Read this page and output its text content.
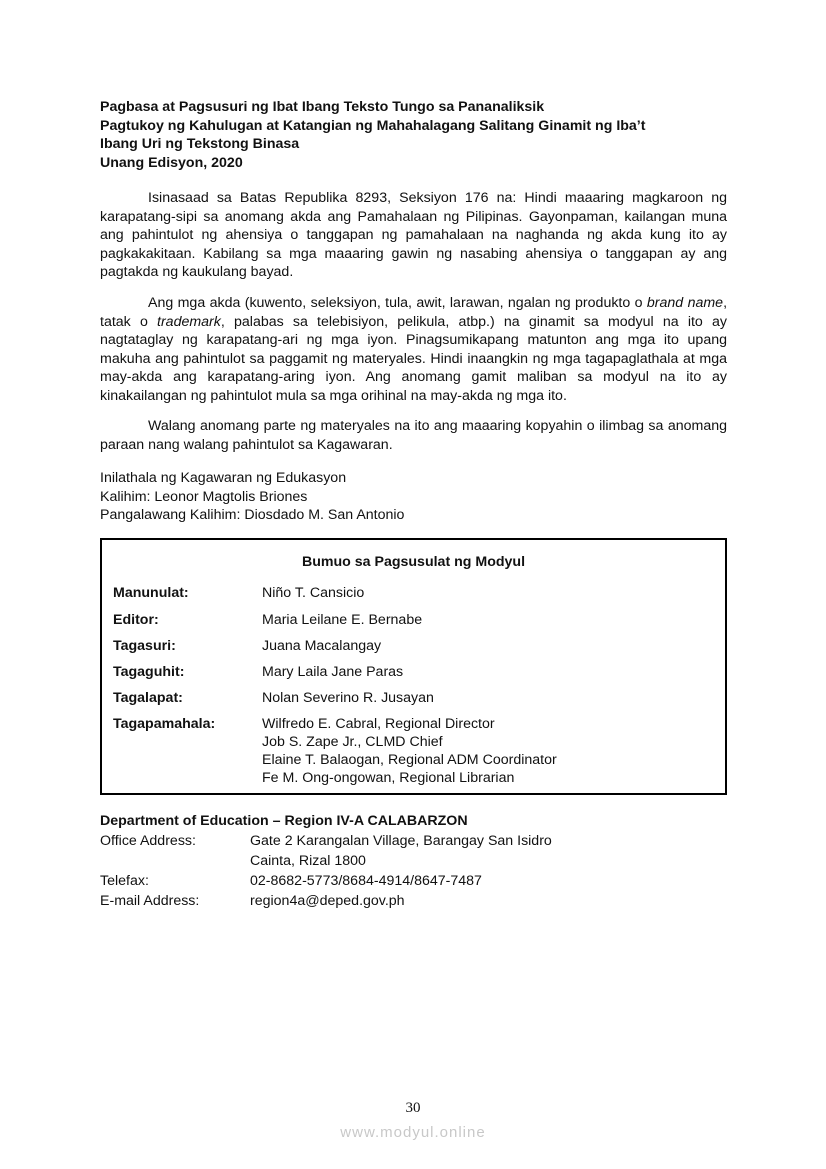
Pagbasa at Pagsusuri ng Ibat Ibang Teksto Tungo sa Pananaliksik
Pagtukoy ng Kahulugan at Katangian ng Mahahalagang Salitang Ginamit ng Iba’t
Ibang Uri ng Tekstong Binasa
Unang Edisyon, 2020

Isinasaad sa Batas Republika 8293, Seksiyon 176 na: Hindi maaaring magkaroon ng karapatang-sipi sa anomang akda ang Pamahalaan ng Pilipinas. Gayonpaman, kailangan muna ang pahintulot ng ahensiya o tanggapan ng pamahalaan na naghanda ng akda kung ito ay pagkakakitaan. Kabilang sa mga maaaring gawin ng nasabing ahensiya o tanggapan ay ang pagtakda ng kaukulang bayad.

Ang mga akda (kuwento, seleksiyon, tula, awit, larawan, ngalan ng produkto o brand name, tatak o trademark, palabas sa telebisiyon, pelikula, atbp.) na ginamit sa modyul na ito ay nagtataglay ng karapatang-ari ng mga iyon. Pinagsumikapang matunton ang mga ito upang makuha ang pahintulot sa paggamit ng materyales. Hindi inaangkin ng mga tagapaglathala at mga may-akda ang karapatang-aring iyon. Ang anomang gamit maliban sa modyul na ito ay kinakailangan ng pahintulot mula sa mga orihinal na may-akda ng mga ito.

Walang anomang parte ng materyales na ito ang maaaring kopyahin o ilimbag sa anomang paraan nang walang pahintulot sa Kagawaran.

Inilathala ng Kagawaran ng Edukasyon
Kalihim: Leonor Magtolis Briones
Pangalawang Kalihim: Diosdado M. San Antonio
Bumuo sa Pagsusulat ng Modyul
Manunulat:	Niño T. Cansicio
Editor:	Maria Leilane E. Bernabe
Tagasuri:	Juana Macalangay
Tagaguhit:	Mary Laila Jane Paras
Tagalapat:	Nolan Severino R. Jusayan
Tagapamahala:	Wilfredo E. Cabral, Regional Director
Job S. Zape Jr., CLMD Chief
Elaine T. Balaogan, Regional ADM Coordinator
Fe M. Ong-ongowan, Regional Librarian
Department of Education – Region IV-A CALABARZON
Office Address:	Gate 2 Karangalan Village, Barangay San Isidro
Cainta, Rizal 1800
Telefax:	02-8682-5773/8684-4914/8647-7487
E-mail Address:	region4a@deped.gov.ph
30
www.modyul.online
